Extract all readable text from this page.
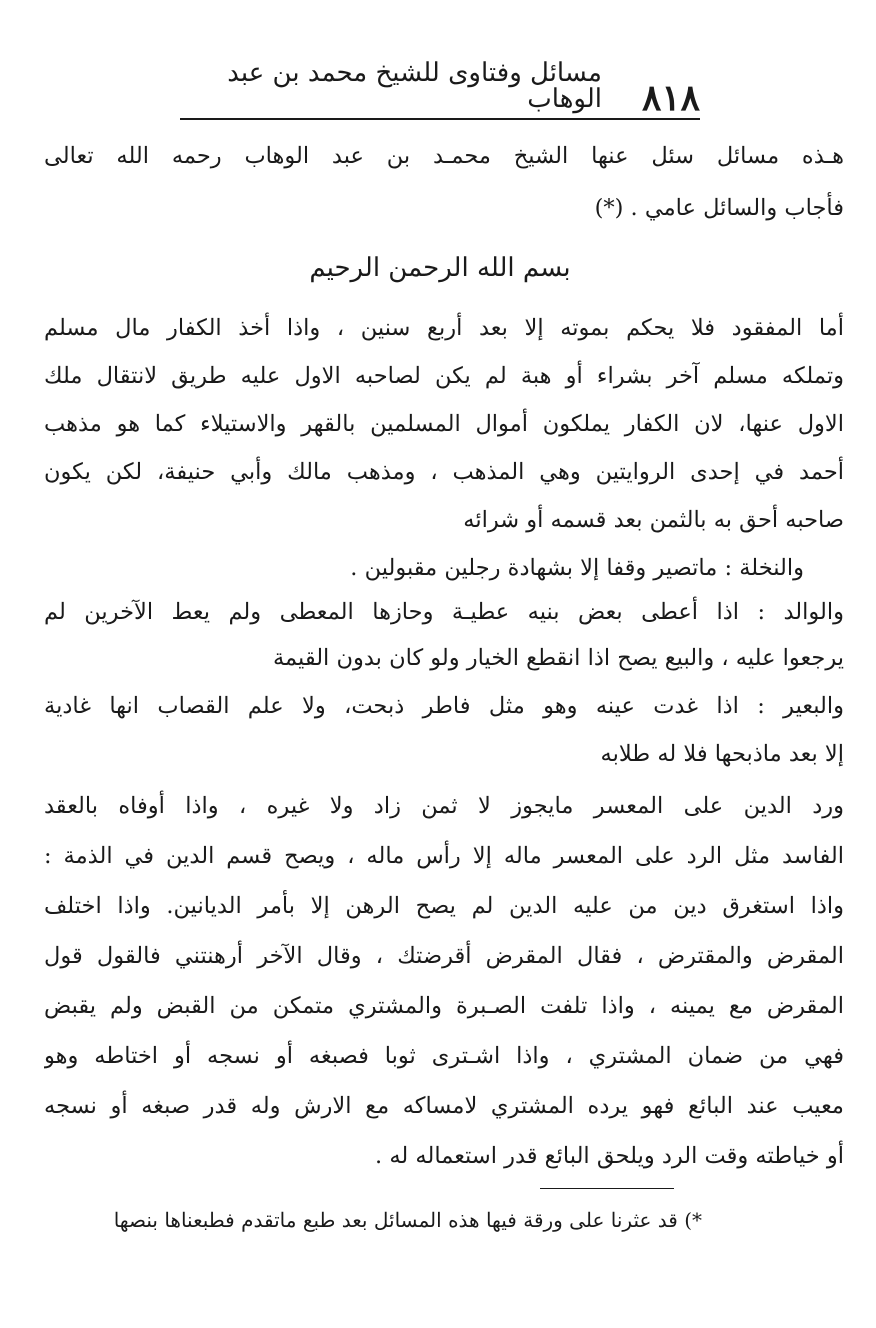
٨١٨
مسائل وفتاوى للشيخ محمد بن عبد الوهاب
هـذه مسائل سئل عنها الشيخ محمـد بن عبد الوهاب رحمه الله تعالى
فأجاب والسائل عامي . (*)
بسم الله الرحمن الرحيم
أما المفقود فلا يحكم بموته إلا بعد أربع سنين ، واذا أخذ الكفار مال مسلم
وتملكه مسلم آخر بشراء أو هبة لم يكن لصاحبه الاول عليه طريق لانتقال ملك
الاول عنها، لان الكفار يملكون أموال المسلمين بالقهر والاستيلاء كما هو مذهب
أحمد في إحدى الروايتين وهي المذهب ، ومذهب مالك وأبي حنيفة، لكن يكون
صاحبه أحق به بالثمن بعد قسمه أو شرائه
والنخلة : ماتصير وقفا إلا بشهادة رجلين مقبولين .
والوالد : اذا أعطى بعض بنيه عطيـة وحازها المعطى ولم يعط الآخرين لم
يرجعوا عليه ، والبيع يصح اذا انقطع الخيار ولو كان بدون القيمة
والبعير : اذا غدت عينه وهو مثل فاطر ذبحت، ولا علم القصاب انها غادية
إلا بعد ماذبحها فلا له طلابه
ورد الدين على المعسر مايجوز لا ثمن زاد ولا غيره ، واذا أوفاه بالعقد
الفاسد مثل الرد على المعسر ماله إلا رأس ماله ، ويصح قسم الدين في الذمة :
واذا استغرق دين من عليه الدين لم يصح الرهن إلا بأمر الديانين. واذا اختلف
المقرض والمقترض ، فقال المقرض أقرضتك ، وقال الآخر أرهنتني فالقول قول
المقرض مع يمينه ، واذا تلفت الصـبرة والمشتري متمكن من القبض ولم يقبض
فهي من ضمان المشتري ، واذا اشـترى ثوبا فصبغه أو نسجه أو اختاطه وهو
معيب عند البائع فهو يرده المشتري لامساكه مع الارش وله قدر صبغه أو نسجه
أو خياطته وقت الرد ويلحق البائع قدر استعماله له .
*) قد عثرنا على ورقة فيها هذه المسائل بعد طبع ماتقدم فطبعناها بنصها
